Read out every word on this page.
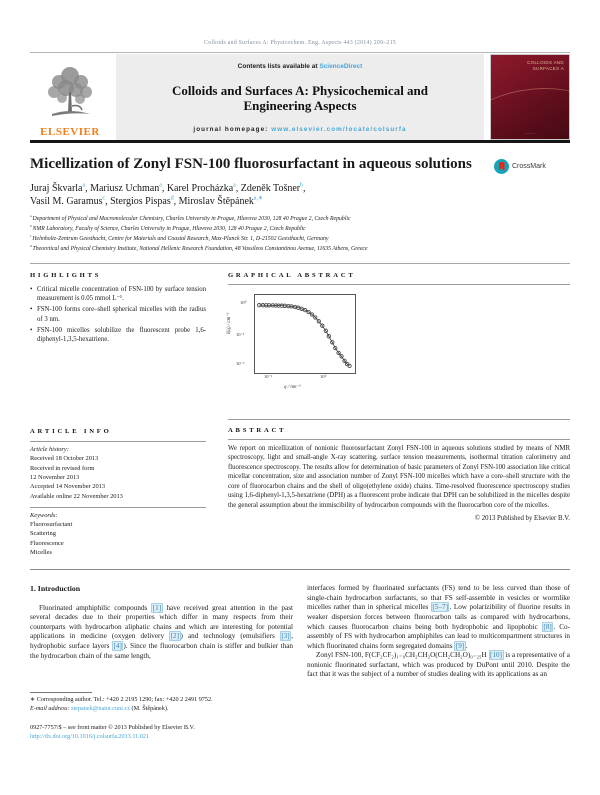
Colloids and Surfaces A: Physicochem. Eng. Aspects 443 (2014) 209–215
ELSEVIER
Contents lists available at ScienceDirect
Colloids and Surfaces A: Physicochemical and
Engineering Aspects
journal homepage: www.elsevier.com/locate/colsurfa
COLLOIDS AND
SURFACES A
———
Micellization of Zonyl FSN-100 fluorosurfactant in aqueous solutions	CrossMark
Juraj Škvarla$^a$, Mariusz Uchman$^a$, Karel Procházka$^a$, Zdeněk Tošner$^b$,
Vasil M. Garamus$^c$, Stergios Pispas$^d$, Miroslav Štěpánek$^{a,∗}$
$^a$ Department of Physical and Macromolecular Chemistry, Charles University in Prague, Hlavova 2030, 128 40 Prague 2, Czech Republic
$^b$ NMR Laboratory, Faculty of Science, Charles University in Prague, Hlavova 2030, 128 40 Prague 2, Czech Republic
$^c$ Helmholtz-Zentrum Geesthacht, Centre for Materials and Coastal Research, Max-Planck Str. 1, D-21502 Geesthacht, Germany
$^d$ Theoretical and Physical Chemistry Institute, National Hellenic Research Foundation, 48 Vassileos Constantinou Avenue, 11635 Athens, Greece
HIGHLIGHTS
• Critical micelle concentration of FSN-100 by surface tension measurement is 0.05 mmol L⁻¹.
• FSN-100 forms core–shell spherical micelles with the radius of 3 nm.
• FSN-100 micelles solubilize the fluorescent probe 1,6-diphenyl-1,3,5-hexatriene.
GRAPHICAL ABSTRACT
I(q) / cm⁻¹
10⁻¹	10⁰
10⁰
10⁻¹
10⁻²
q / nm⁻¹
ARTICLE INFO
Article history:
Received 18 October 2013
Received in revised form
12 November 2013
Accepted 14 November 2013
Available online 22 November 2013
Keywords:
Fluorosurfactant
Scattering
Fluorescence
Micelles
ABSTRACT
We report on micellization of nonionic fluorosurfactant Zonyl FSN-100 in aqueous solutions studied by means of NMR spectroscopy, light and small-angle X-ray scattering, surface tension measurements, isothermal titration calorimetry and fluorescence spectroscopy. The results allow for determination of basic parameters of Zonyl FSN-100 association like critical micellar concentration, size and association number of Zonyl FSN-100 micelles which have a core–shell structure with the core of fluorocarbon chains and the shell of oligo(ethylene oxide) chains. Time-resolved fluorescence spectroscopy studies using 1,6-diphenyl-1,3,5-hexatriene (DPH) as a fluorescent probe indicate that DPH can be solubilized in the micelles despite the general assumption about the immiscibility of hydrocarbon compounds with the fluorocarbon core of the micelles.
© 2013 Published by Elsevier B.V.
1. Introduction

Fluorinated amphiphilic compounds [1] have received great attention in the past several decades due to their properties which differ in many respects from their counterparts with hydrocarbon aliphatic chains and which are interesting for potential applications in medicine (oxygen delivery [2] ) and technology (emulsifiers [3] , hydrophobic surface layers [4] ). Since the fluorocarbon chain is stiffer and bulkier than the hydrocarbon chain of the same length,

interfaces formed by fluorinated surfactants (FS) tend to be less curved than those of single-chain hydrocarbon surfactants, so that FS self-assemble in vesicles or wormlike micelles rather than in spherical micelles [5–7] . Low polarizibility of fluorine results in weaker dispersion forces between fluorocarbon tails as compared with hydrocarbons, which causes fluorocarbon chains being both hydrophobic and lipophobic [8] . Co-assembly of FS with hydrocarbon amphiphiles can lead to multicompartment structures in which fluorinated chains form segregated domains [9] .

Zonyl FSN-100, F(CF₂CF₂)₁₋₉CH₂CH₂O(CH₂CH₂O)₀₋₂₅H [10] is a representative of a nonionic fluorinated surfactant, which was produced by DuPont until 2010. Despite the fact that it was the subject of a number of studies dealing with its applications as an

∗ Corresponding author. Tel.: +420 2 2195 1290; fax: +420 2 2491 9752.
E-mail address: stepanek@natur.cuni.cz (M. Štěpánek).
0927-7757/$ – see front matter © 2013 Published by Elsevier B.V.
http://dx.doi.org/10.1016/j.colsurfa.2013.11.021
